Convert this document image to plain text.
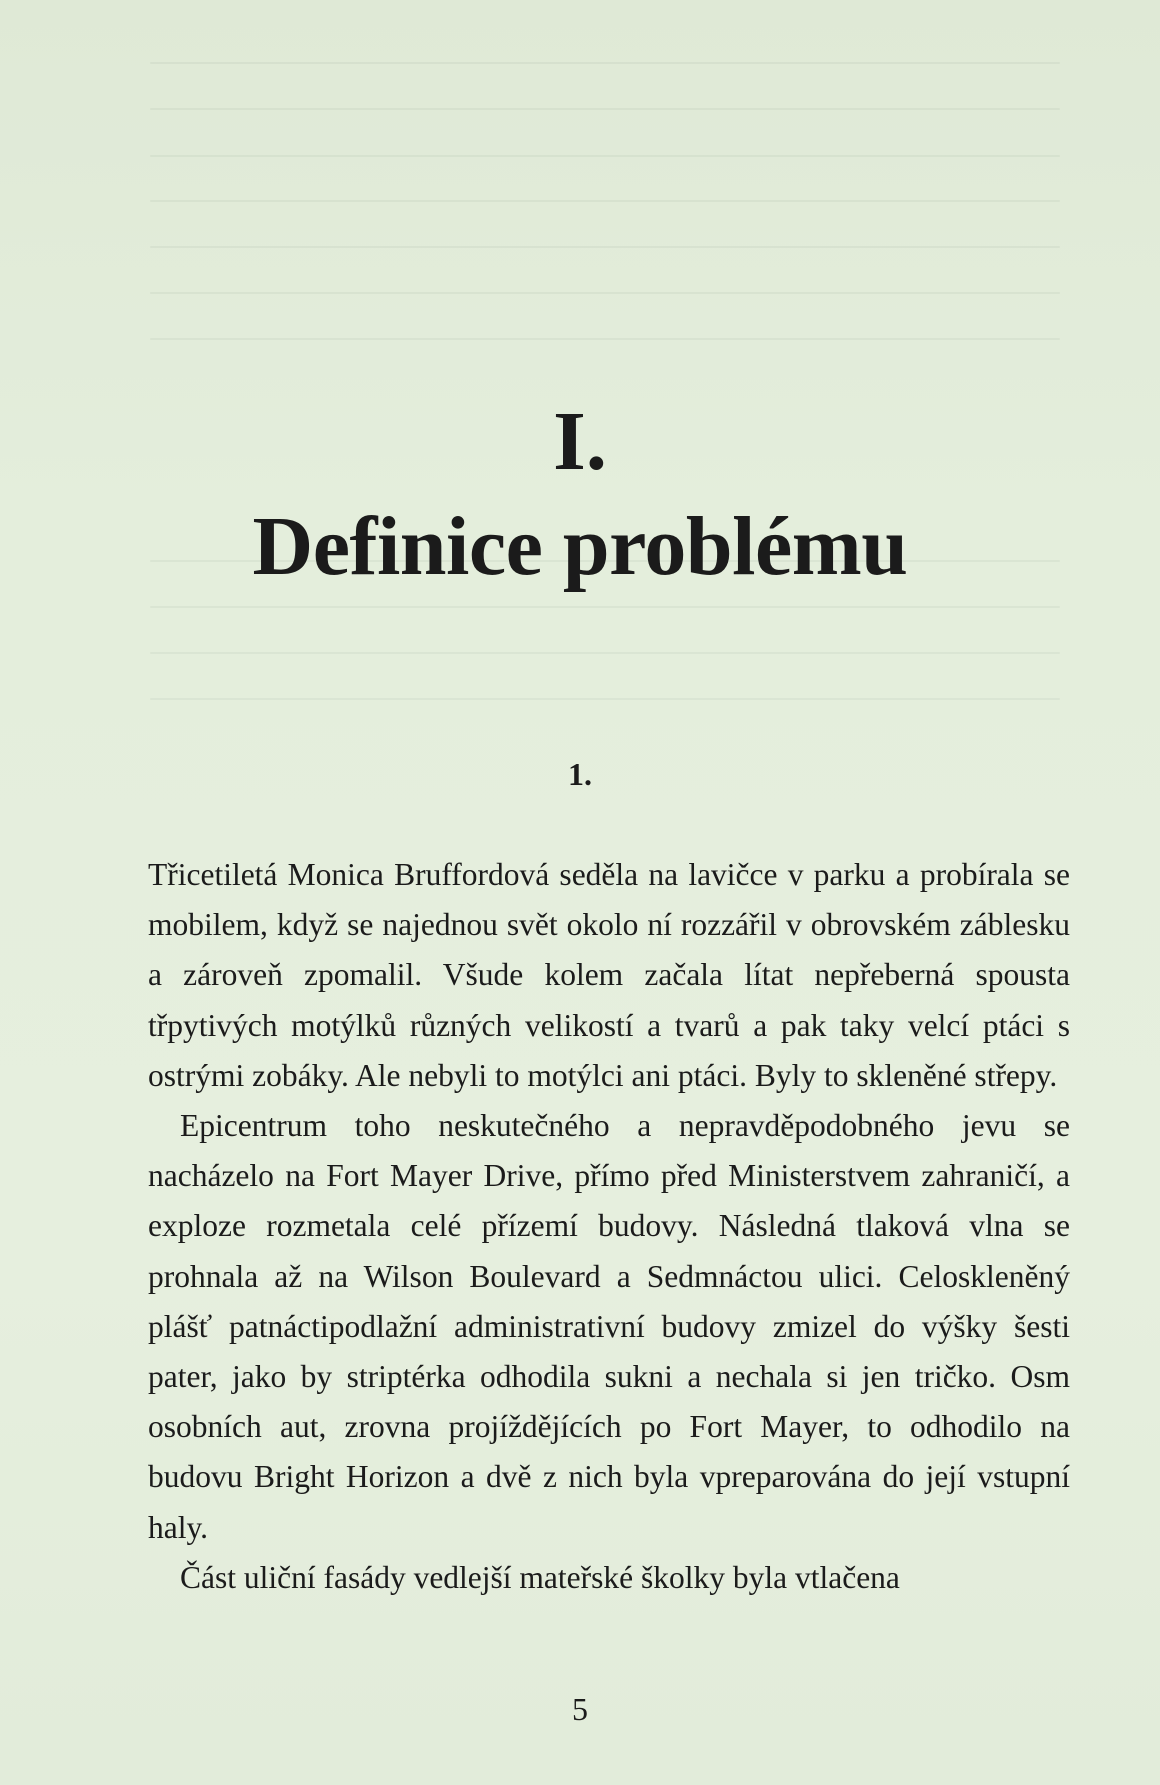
I.
Definice problému
1.

Třicetiletá Monica Bruffordová seděla na lavičce v parku a probírala se mobilem, když se najednou svět okolo ní rozzářil v obrovském záblesku a zároveň zpomalil. Všude kolem začala lítat nepřeberná spousta třpytivých motýlků různých velikostí a tvarů a pak taky velcí ptáci s ostrými zobáky. Ale nebyli to motýlci ani ptáci. Byly to skleněné střepy.

Epicentrum toho neskutečného a nepravděpodobného jevu se nacházelo na Fort Mayer Drive, přímo před Ministerstvem zahraničí, a exploze rozmetala celé přízemí budovy. Následná tlaková vlna se prohnala až na Wilson Boulevard a Sedmnáctou ulici. Celoskleněný plášť patnáctipodlažní administrativní budovy zmizel do výšky šesti pater, jako by striptérka odhodila sukni a nechala si jen tričko. Osm osobních aut, zrovna projíždějících po Fort Mayer, to odhodilo na budovu Bright Horizon a dvě z nich byla vpreparována do její vstupní haly.

Část uliční fasády vedlejší mateřské školky byla vtlačena

5
